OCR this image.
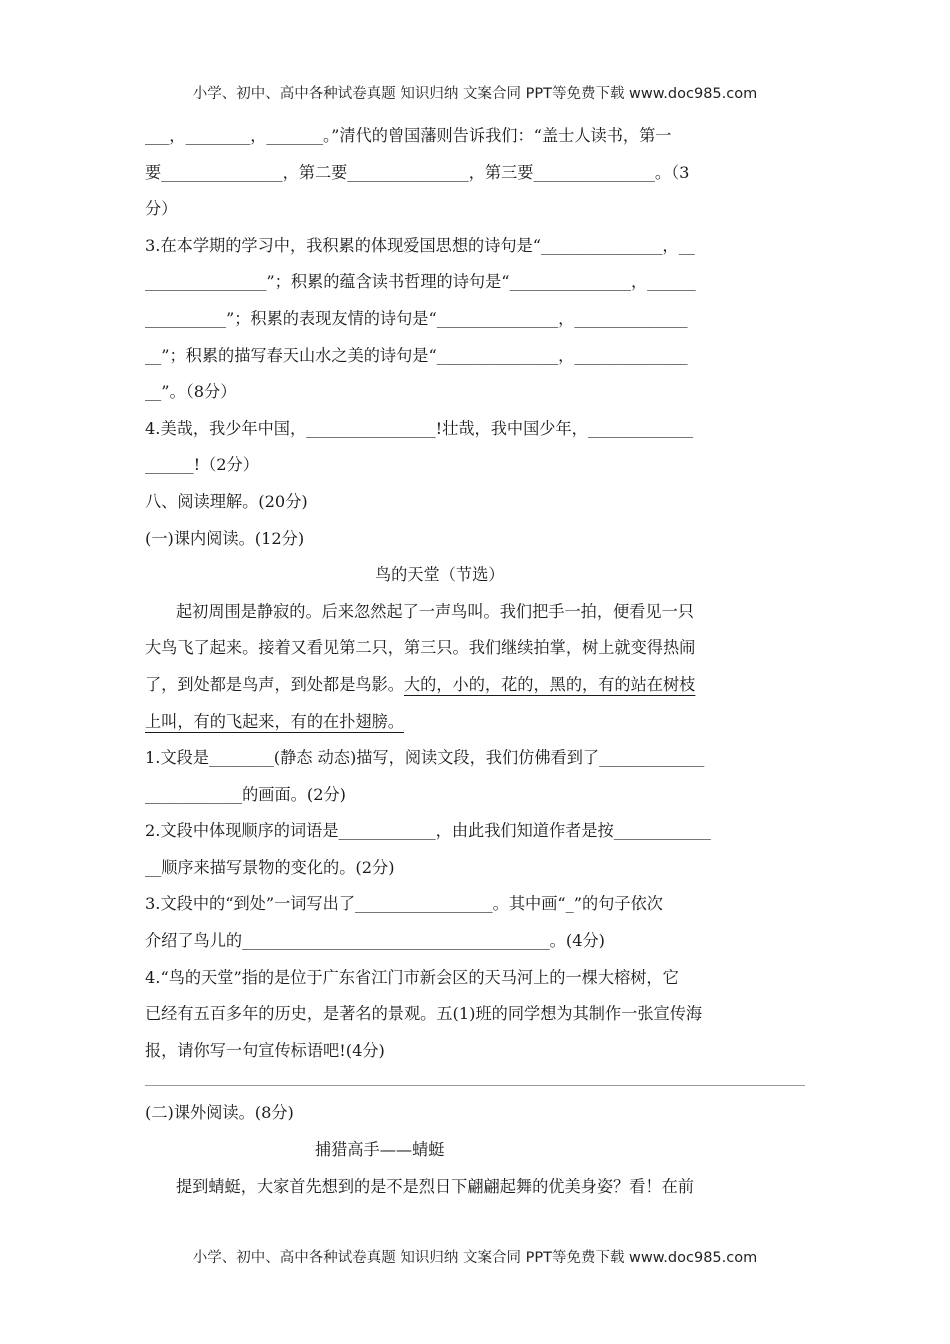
小学、初中、高中各种试卷真题 知识归纳 文案合同 PPT等免费下载 www.doc985.com
___，________，_______。”清代的曾国藩则告诉我们：“盖士人读书，第一
要_______________，第二要_______________，第三要_______________。（3
分）
3.在本学期的学习中，我积累的体现爱国思想的诗句是“_______________，__
_______________”；积累的蕴含读书哲理的诗句是“_______________，______
__________”；积累的表现友情的诗句是“_______________，______________
__”；积累的描写春天山水之美的诗句是“_______________，______________
__”。（8分）
4.美哉，我少年中国，________________!壮哉，我中国少年，_____________
______!（2分）
八、阅读理解。(20分)
(一)课内阅读。(12分)
鸟的天堂（节选）
起初周围是静寂的。后来忽然起了一声鸟叫。我们把手一拍，便看见一只
大鸟飞了起来。接着又看见第二只，第三只。我们继续拍掌，树上就变得热闹
了，到处都是鸟声，到处都是鸟影。大的，小的，花的，黑的，有的站在树枝
上叫，有的飞起来，有的在扑翅膀。
1.文段是________(静态 动态)描写，阅读文段，我们仿佛看到了_____________
____________的画面。(2分)
2.文段中体现顺序的词语是____________，由此我们知道作者是按____________
__顺序来描写景物的变化的。(2分)
3.文段中的“到处”一词写出了_________________。其中画“_”的句子依次
介绍了鸟儿的______________________________________。(4分)
4.“鸟的天堂”指的是位于广东省江门市新会区的天马河上的一棵大榕树，它
已经有五百多年的历史，是著名的景观。五(1)班的同学想为其制作一张宣传海
报，请你写一句宣传标语吧!(4分)
(二)课外阅读。(8分)
捕猎高手——蜻蜓
提到蜻蜓，大家首先想到的是不是烈日下翩翩起舞的优美身姿？看！在前
小学、初中、高中各种试卷真题 知识归纳 文案合同 PPT等免费下载 www.doc985.com
